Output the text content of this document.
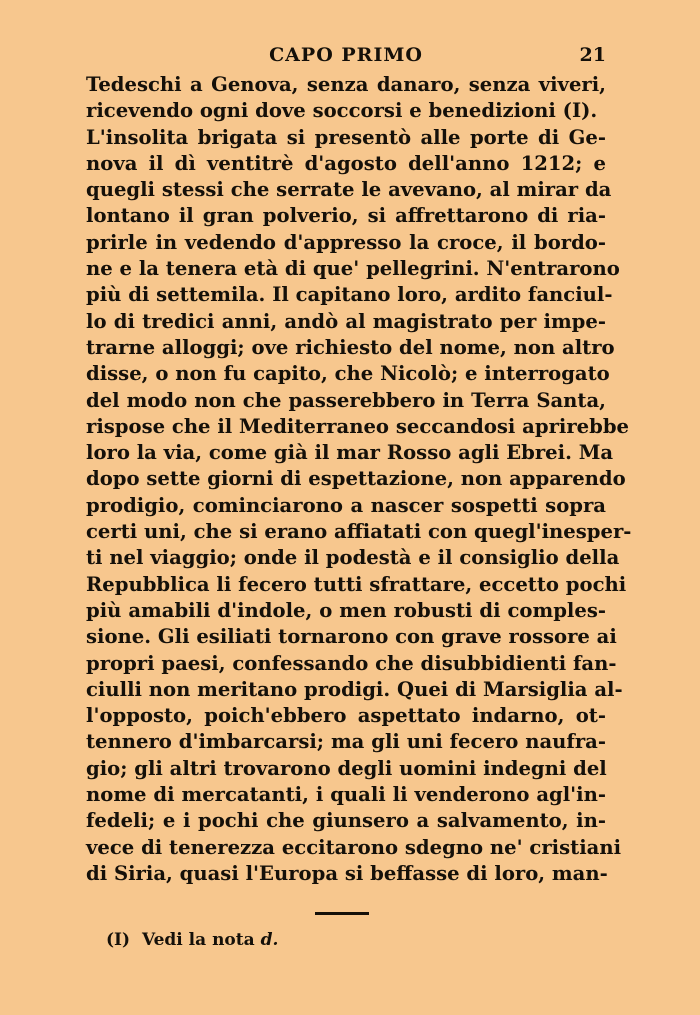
CAPO PRIMO	21
Tedeschi a Genova, senza danaro, senza viveri,
ricevendo ogni dove soccorsi e benedizioni (I).
L'insolita brigata si presentò alle porte di Ge-
nova il dì ventitrè d'agosto dell'anno 1212; e
quegli stessi che serrate le avevano, al mirar da
lontano il gran polverio, si affrettarono di ria-
prirle in vedendo d'appresso la croce, il bordo-
ne e la tenera età di que' pellegrini. N'entrarono
più di settemila. Il capitano loro, ardito fanciul-
lo di tredici anni, andò al magistrato per impe-
trarne alloggi; ove richiesto del nome, non altro
disse, o non fu capito, che Nicolò; e interrogato
del modo non che passerebbero in Terra Santa,
rispose che il Mediterraneo seccandosi aprirebbe
loro la via, come già il mar Rosso agli Ebrei. Ma
dopo sette giorni di espettazione, non apparendo
prodigio, cominciarono a nascer sospetti sopra
certi uni, che si erano affiatati con quegl'inesper-
ti nel viaggio; onde il podestà e il consiglio della
Repubblica li fecero tutti sfrattare, eccetto pochi
più amabili d'indole, o men robusti di comples-
sione. Gli esiliati tornarono con grave rossore ai
propri paesi, confessando che disubbidienti fan-
ciulli non meritano prodigi. Quei di Marsiglia al-
l'opposto, poich'ebbero aspettato indarno, ot-
tennero d'imbarcarsi; ma gli uni fecero naufra-
gio; gli altri trovarono degli uomini indegni del
nome di mercatanti, i quali li venderono agl'in-
fedeli; e i pochi che giunsero a salvamento, in-
vece di tenerezza eccitarono sdegno ne' cristiani
di Siria, quasi l'Europa si beffasse di loro, man-
(I) Vedi la nota d.
